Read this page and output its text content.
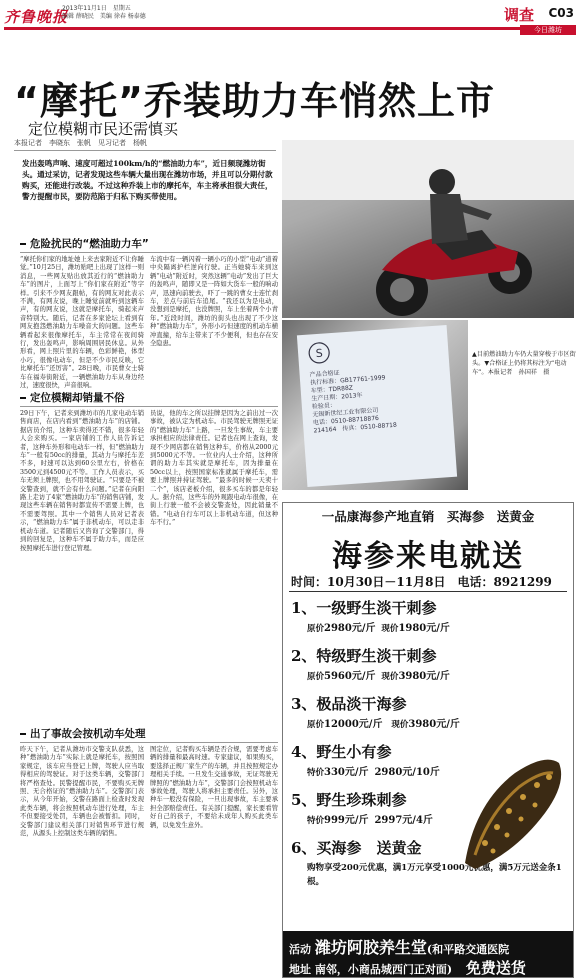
齐鲁晚报
2013年11月1日　星期五
编辑 薛晓民　美编 徐春 杨泰德	调查 C03
今日潍坊
“摩托”乔装助力车悄然上市
定位模糊市民还需慎买
本报记者　李晓东　张帆　见习记者　杨帆
发出轰鸣声响、速度可超过100km/h的“燃油助力车”，近日频现潍坊街头。通过采访，记者发现这些车辆大量出现在潍坊市场，并且可以分期付款购买，还能进行改装。不过这种乔装上市的摩托车，车主将承担很大责任，警方提醒市民，要防范陷于归私下购买带使用。
危险扰民的“燃油助力车”
“摩托你们家的地址她上来去家附近不让你睡觉。”10月25日，潍坊贴吧上出现了这样一则消息，一些网友贴出放其近行的“燃油助力车”的图片，上面写上“你们家在附近”等字样。引来不少网友跟帖，有的网友对此表示不满，有网友说，晚上睡觉前就听到这辆车声，有的网友说，这就是摩托车，骑起来声音特别大。随后，记者在多家论坛上看到有网友抱怨燃油助力车噪音大的问题。这些车辆看起来很像摩托车，车主常常在夜间骑行，发出轰鸣声，影响周围居民休息。从外形看，网上照片里的车辆，色彩鲜艳，体型小巧，很像电动车，但是不少市民反映，它比摩托车“还厉害”。28日晚，市民曹女士骑车在福寿街附近，一辆燃油助力车从身边经过，速度很快，声音很响。
车流中有一辆闪着一辆小巧的小型“电动”道着中央隔离护栏逆向行驶。正当她骑车来到这辆“电动”附近时，突然这辆“电动”发出了巨大的轰鸣声，随即又是一阵如大货车一般的响动声，迅速向前驶去，吓了一跳的曹女士连忙刹车，差点与前后车追尾。“我还以为是电动，没想到是摩托，也没牌照，车上坐着两个小青年。”近段时间，潍坊的街头也出现了不少这种“燃油助力车”，外形小巧但速度的机动车横冲直撞，给车主带来了不少便利，但也存在安全隐患。
定位模糊却销量不俗
29日下午，记者来到潍坊市的几家电动车销售商店，在店内看到“燃油助力车”的店铺。据店员介绍，这种车卖得还不错，很多年轻人会来购买。一家店铺的工作人员告诉记者，这种车外形和电动车一样，但“燃油助力车”一般有50cc的排量，其动力与摩托车差不多，时速可以达到60公里左右，价格在3500元到4500元不等。工作人员表示，买车无须上牌照，也不用驾驶证。“只要是不被交警查到，就不会有什么问题。”记者在向阳路上走访了4家“燃油助力车”的销售店铺，发现这些车辆在销售时都宣传不需要上牌，也不需要驾照。其中一个销售人员对记者表示，“燃油助力车”属于非机动车，可以走非机动车道。记者随后又咨询了交警部门，得到的回复是，这种车不属于助力车，而是应按照摩托车进行登记管理。
员说，他的车之所以挂牌是因为之前出过一次事故，被认定为机动车。市民驾驶无牌照无证的“燃油助力车”上路，一旦发生事故，车主要承担相应的法律责任。记者也在网上查询，发现不少网店都在销售这种车，价格从2000元到5000元不等。一位业内人士介绍，这种所谓的助力车其实就是摩托车，因为排量在50cc以上，按照国家标准就属于摩托车，需要上牌照并持证驾驶。“最多的时候一天卖十二个”，该店老板介绍，很多买车的都是年轻人。据介绍，这些车的外观跟电动车很像，在街上行驶一般不会被交警查处，因此销量不错。“电动自行车可以上非机动车道，但这种车不行。”
出了事故会按机动车处理
昨天下午，记者从潍坊市交警支队获悉，这种“燃油助力车”实际上就是摩托车，按照国家规定，该车应当登记上牌，驾驶人应当取得相应的驾驶证。对于这类车辆，交警部门将严格查处。民警提醒市民，不要购买无牌照、无合格证的“燃油助力车”。交警部门表示，从今年开始，交警在路面上检查时发现此类车辆，将会按照机动车进行处理，车主不但要接受处罚，车辆也会被暂扣。同时，交警部门建议相关部门对销售环节进行规范，从源头上控制这类车辆的销售。
图定位，记者购买车辆是否合规，需要考虑车辆的排量和最高时速。专家建议，如果购买，要选择正规厂家生产的车辆，并且按照规定办理相关手续。一旦发生交通事故，无证驾驶无牌照的“燃油助力车”，交警部门会按照机动车事故处理，驾驶人将承担主要责任。另外，这种车一般没有保险，一旦出现事故，车主要承担全部赔偿责任。有关部门提醒，家长要看管好自己的孩子，不要给未成年人购买此类车辆，以免发生意外。
S
产品合格证
执行标准：GB17761-1999
车型：TDR88Z
生产日期：2013年
检验员：
无锡新世纪工业有限公司
电话：0510-88718876
214164　传真：0510-88718
▲目前燃油助力车仍大量穿梭于市区街头。▼合格证上仍将其标注为“电动车”。本报记者　孙国祥　摄
一品康海参产地直销　买海参　送黄金
海参来电就送
时间：10月30日－11月8日　电话：8921299
1、一级野生淡干刺参
原价2980元/斤 现价1980元/斤
2、特级野生淡干刺参
原价5960元/斤 现价3980元/斤
3、极品淡干海参
原价12000元/斤 现价3980元/斤
4、野生小有参
特价330元/斤 2980元/10斤
5、野生珍珠刺参
特价999元/斤 2997元/4斤
6、买海参　送黄金
购物享受200元优惠，满1万元享受1000元优惠，满5万元送金条1根。
活动 潍坊阿胶养生堂(和平路交通医院
地址 南邻，小商品城西门正对面) 免费送货
